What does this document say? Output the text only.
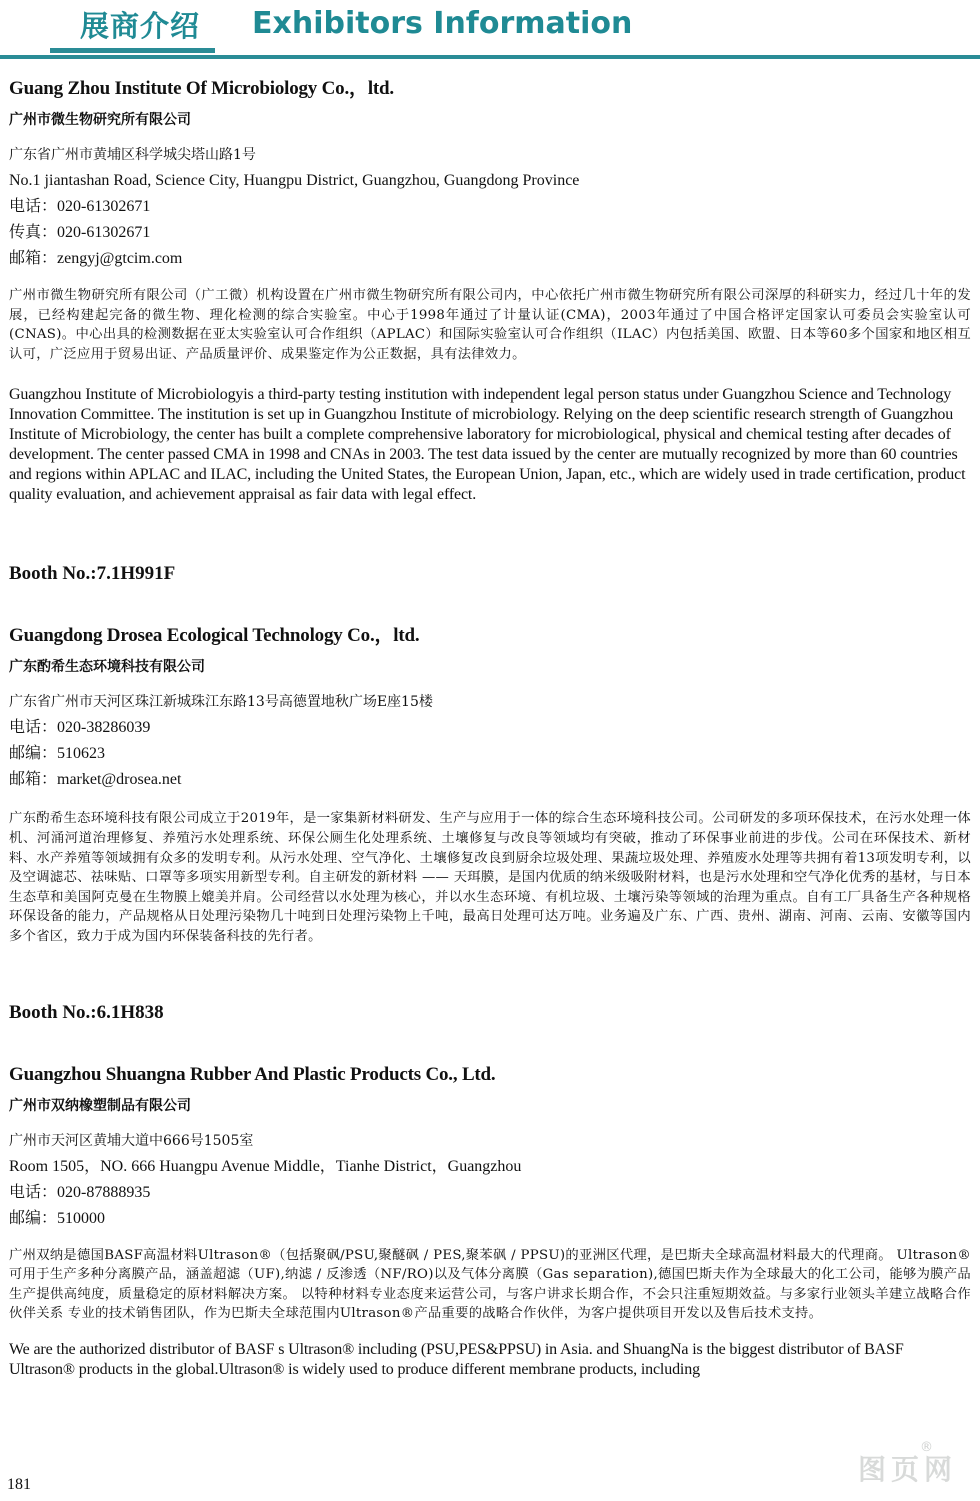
展商介绍 Exhibitors Information

Guang Zhou Institute Of Microbiology Co.，ltd.

广州市微生物研究所有限公司

广东省广州市黄埔区科学城尖塔山路1号

No.1 jiantashan Road, Science City, Huangpu District, Guangzhou, Guangdong Province

电话：020-61302671

传真：020-61302671

邮箱：zengyj@gtcim.com

广州市微生物研究所有限公司（广工微）机构设置在广州市微生物研究所有限公司内，中心依托广州市微生物研究所有限公司深厚的科研实力，经过几十年的发展，已经构建起完备的微生物、理化检测的综合实验室。中心于1998年通过了计量认证(CMA)，2003年通过了中国合格评定国家认可委员会实验室认可(CNAS)。中心出具的检测数据在亚太实验室认可合作组织（APLAC）和国际实验室认可合作组织（ILAC）内包括美国、欧盟、日本等60多个国家和地区相互认可，广泛应用于贸易出证、产品质量评价、成果鉴定作为公正数据，具有法律效力。

Guangzhou Institute of Microbiologyis a third-party testing institution with independent legal person status under Guangzhou Science and Technology Innovation Committee. The institution is set up in Guangzhou Institute of microbiology. Relying on the deep scientific research strength of Guangzhou Institute of Microbiology, the center has built a complete comprehensive laboratory for microbiological, physical and chemical testing after decades of development. The center passed CMA in 1998 and CNAs in 2003. The test data issued by the center are mutually recognized by more than 60 countries and regions within APLAC and ILAC, including the United States, the European Union, Japan, etc., which are widely used in trade certification, product quality evaluation, and achievement appraisal as fair data with legal effect.

Booth No.:7.1H991F

Guangdong Drosea Ecological Technology Co.，ltd.

广东酌希生态环境科技有限公司

广东省广州市天河区珠江新城珠江东路13号高德置地秋广场E座15楼

电话：020-38286039

邮编：510623

邮箱：market@drosea.net

广东酌希生态环境科技有限公司成立于2019年，是一家集新材料研发、生产与应用于一体的综合生态环境科技公司。公司研发的多项环保技术，在污水处理一体机、河涌河道治理修复、养殖污水处理系统、环保公厕生化处理系统、土壤修复与改良等领域均有突破，推动了环保事业前进的步伐。公司在环保技术、新材料、水产养殖等领域拥有众多的发明专利。从污水处理、空气净化、土壤修复改良到厨余垃圾处理、果蔬垃圾处理、养殖废水处理等共拥有着13项发明专利，以及空调滤芯、祛味贴、口罩等多项实用新型专利。自主研发的新材料 —— 天珥膜，是国内优质的纳米级吸附材料，也是污水处理和空气净化优秀的基材，与日本生态草和美国阿克曼在生物膜上媲美并肩。公司经营以水处理为核心，并以水生态环境、有机垃圾、土壤污染等领域的治理为重点。自有工厂具备生产各种规格环保设备的能力，产品规格从日处理污染物几十吨到日处理污染物上千吨，最高日处理可达万吨。业务遍及广东、广西、贵州、湖南、河南、云南、安徽等国内多个省区，致力于成为国内环保装备科技的先行者。

Booth No.:6.1H838

Guangzhou Shuangna Rubber And Plastic Products Co., Ltd.

广州市双纳橡塑制品有限公司

广州市天河区黄埔大道中666号1505室

Room 1505，NO. 666 Huangpu Avenue Middle，Tianhe District，Guangzhou

电话：020-87888935

邮编：510000

广州双纳是德国BASF高温材料Ultrason®（包括聚砜/PSU,聚醚砜 / PES,聚苯砜 / PPSU)的亚洲区代理，是巴斯夫全球高温材料最大的代理商。 Ultrason®可用于生产多种分离膜产品，涵盖超滤（UF),纳滤 / 反渗透（NF/RO)以及气体分离膜（Gas separation),德国巴斯夫作为全球最大的化工公司，能够为膜产品生产提供高纯度，质量稳定的原材料解决方案。 以特种材料专业态度来运营公司，与客户讲求长期合作，不会只注重短期效益。与多家行业领头羊建立战略合作伙伴关系 专业的技术销售团队，作为巴斯夫全球范围内Ultrason®产品重要的战略合作伙伴，为客户提供项目开发以及售后技术支持。

We are the authorized distributor of BASF s Ultrason® including (PSU,PES&PPSU) in Asia. and ShuangNa is the biggest distributor of BASF Ultrason® products in the global.Ultrason® is widely used to produce different membrane products, including

181	图页网
®
